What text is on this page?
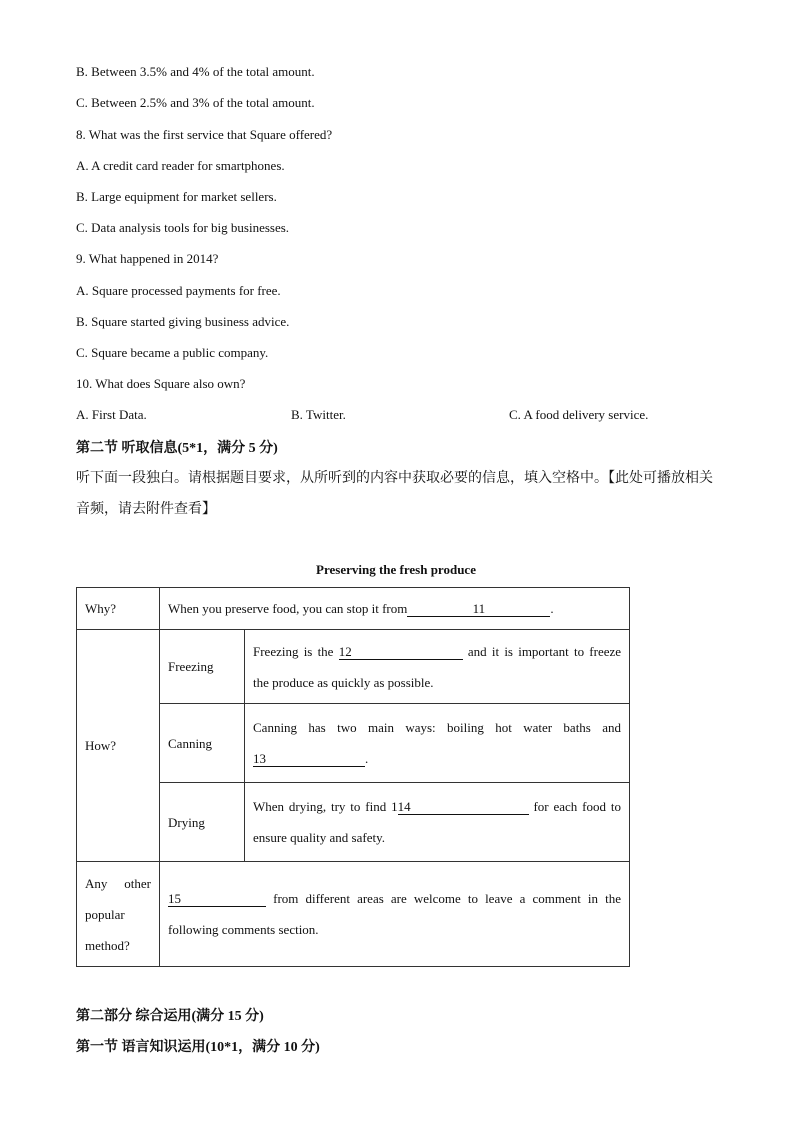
B. Between 3.5% and 4% of the total amount.
C. Between 2.5% and 3% of the total amount.
8. What was the first service that Square offered?
A. A credit card reader for smartphones.
B. Large equipment for market sellers.
C. Data analysis tools for big businesses.
9. What happened in 2014?
A. Square processed payments for free.
B. Square started giving business advice.
C. Square became a public company.
10. What does Square also own?
A. First Data.	B. Twitter.	C. A food delivery service.
第二节 听取信息(5*1，满分 5 分)
听下面一段独白。请根据题目要求，从所听到的内容中获取必要的信息，填入空格中。【此处可播放相关音频，请去附件查看】
Preserving the fresh produce
Why?	When you preserve food, you can stop it from 11 .	
How?	Freezing	Freezing is the 12 and it is important to freeze the produce as quickly as possible.
	Canning	Canning has two main ways: boiling hot water baths and 13 .
	Drying	When drying, try to find 114 for each food to ensure quality and safety.
Any other popular method?	15 from different areas are welcome to leave a comment in the following comments section.	
第二部分 综合运用(满分 15 分)
第一节 语言知识运用(10*1，满分 10 分)
